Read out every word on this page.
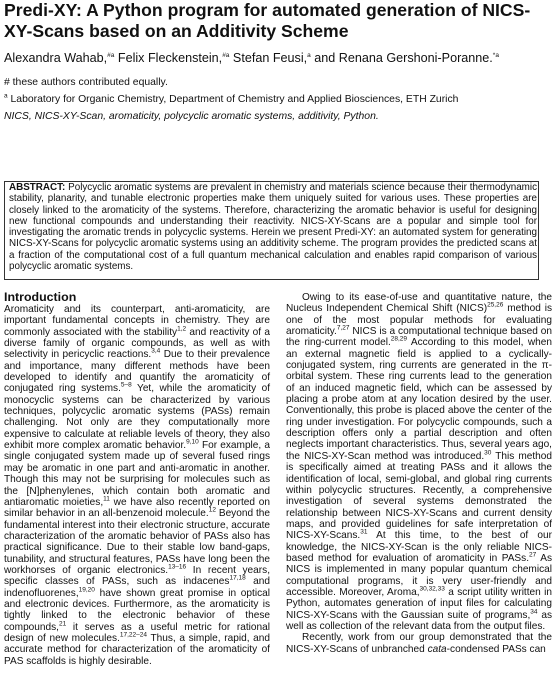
Predi-XY: A Python program for automated generation of NICS-XY-Scans based on an Additivity Scheme
Alexandra Wahab,$^{\#a}$ Felix Fleckenstein,$^{\#a}$ Stefan Feusi,$^a$ and Renana Gershoni-Poranne.$^{*a}$
# these authors contributed equally.
$^a$ Laboratory for Organic Chemistry, Department of Chemistry and Applied Biosciences, ETH Zurich
NICS, NICS-XY-Scan, aromaticity, polycyclic aromatic systems, additivity, Python.

ABSTRACT: Polycyclic aromatic systems are prevalent in chemistry and materials science because their thermodynamic stability, planarity, and tunable electronic properties make them uniquely suited for various uses. These properties are closely linked to the aromaticity of the systems. Therefore, characterizing the aromatic behavior is useful for designing new functional compounds and understanding their reactivity. NICS-XY-Scans are a popular and simple tool for investigating the aromatic trends in polycyclic systems. Herein we present Predi-XY: an automated system for generating NICS-XY-Scans for polycyclic aromatic systems using an additivity scheme. The program provides the predicted scans at a fraction of the computational cost of a full quantum mechanical calculation and enables rapid comparison of various polycyclic aromatic systems.

Introduction

Aromaticity and its counterpart, anti-aromaticity, are important fundamental concepts in chemistry. They are commonly associated with the stability$^{1,2}$ and reactivity of a diverse family of organic compounds, as well as with selectivity in pericyclic reactions.$^{3,4}$ Due to their prevalence and importance, many different methods have been developed to identify and quantify the aromaticity of conjugated ring systems.$^{5-8}$ Yet, while the aromaticity of monocyclic systems can be characterized by various techniques, polycyclic aromatic systems (PASs) remain challenging. Not only are they computationally more expensive to calculate at reliable levels of theory, they also exhibit more complex aromatic behavior.$^{9,10}$ For example, a single conjugated system made up of several fused rings may be aromatic in one part and anti-aromatic in another. Though this may not be surprising for molecules such as the [N]phenylenes, which contain both aromatic and antiaromatic moieties,$^{11}$ we have also recently reported on similar behavior in an all-benzenoid molecule.$^{12}$ Beyond the fundamental interest into their electronic structure, accurate characterization of the aromatic behavior of PASs also has practical significance. Due to their stable low band-gaps, tunability, and structural features, PASs have long been the workhorses of organic electronics.$^{13-16}$ In recent years, specific classes of PASs, such as indacenes$^{17,18}$ and indenofluorenes,$^{19,20}$ have shown great promise in optical and electronic devices. Furthermore, as the aromaticity is tightly linked to the electronic behavior of these compounds,$^{21}$ it serves as a useful metric for rational design of new molecules.$^{17,22-24}$ Thus, a simple, rapid, and accurate method for characterization of the aromaticity of PAS scaffolds is highly desirable.

Owing to its ease-of-use and quantitative nature, the Nucleus Independent Chemical Shift (NICS)$^{25,26}$ method is one of the most popular methods for evaluating aromaticity.$^{7,27}$ NICS is a computational technique based on the ring-current model.$^{28,29}$ According to this model, when an external magnetic field is applied to a cyclically-conjugated system, ring currents are generated in the π-orbital system. These ring currents lead to the generation of an induced magnetic field, which can be assessed by placing a probe atom at any location desired by the user. Conventionally, this probe is placed above the center of the ring under investigation. For polycyclic compounds, such a description offers only a partial description and often neglects important characteristics. Thus, several years ago, the NICS-XY-Scan method was introduced.$^{30}$ This method is specifically aimed at treating PASs and it allows the identification of local, semi-global, and global ring currents within polycyclic structures. Recently, a comprehensive investigation of several systems demonstrated the relationship between NICS-XY-Scans and current density maps, and provided guidelines for safe interpretation of NICS-XY-Scans.$^{31}$ At this time, to the best of our knowledge, the NICS-XY-Scan is the only reliable NICS-based method for evaluation of aromaticity in PASs.$^{27}$ As NICS is implemented in many popular quantum chemical computational programs, it is very user-friendly and accessible. Moreover, Aroma,$^{30,32,33}$ a script utility written in Python, automates generation of input files for calculating NICS-XY-Scans with the Gaussian suite of programs,$^{34}$ as well as collection of the relevant data from the output files.

Recently, work from our group demonstrated that the NICS-XY-Scans of unbranched cata-condensed PASs can
